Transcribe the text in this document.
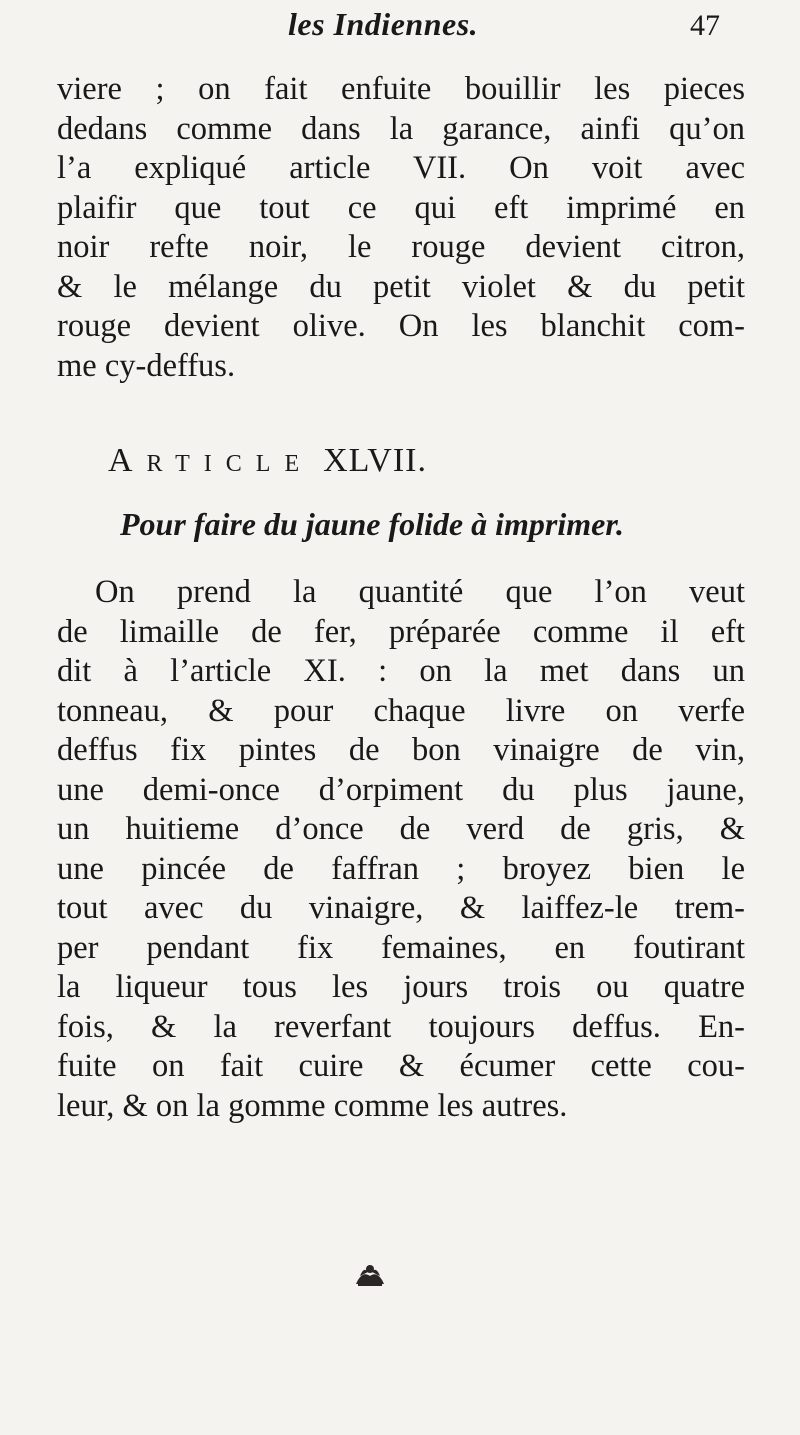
les Indiennes.	47
viere ; on fait enfuite bouillir les pieces
dedans comme dans la garance, ainfi qu’on
l’a expliqué article VII. On voit avec
plaifir que tout ce qui eft imprimé en
noir refte noir, le rouge devient citron,
& le mélange du petit violet & du petit
rouge devient olive. On les blanchit com-
me cy-deffus.
Article XLVII.
Pour faire du jaune folide à imprimer.
On prend la quantité que l’on veut
de limaille de fer, préparée comme il eft
dit à l’article XI. : on la met dans un
tonneau, & pour chaque livre on verfe
deffus fix pintes de bon vinaigre de vin,
une demi-once d’orpiment du plus jaune,
un huitieme d’once de verd de gris, &
une pincée de faffran ; broyez bien le
tout avec du vinaigre, & laiffez-le trem-
per pendant fix femaines, en foutirant
la liqueur tous les jours trois ou quatre
fois, & la reverfant toujours deffus. En-
fuite on fait cuire & écumer cette cou-
leur, & on la gomme comme les autres.
